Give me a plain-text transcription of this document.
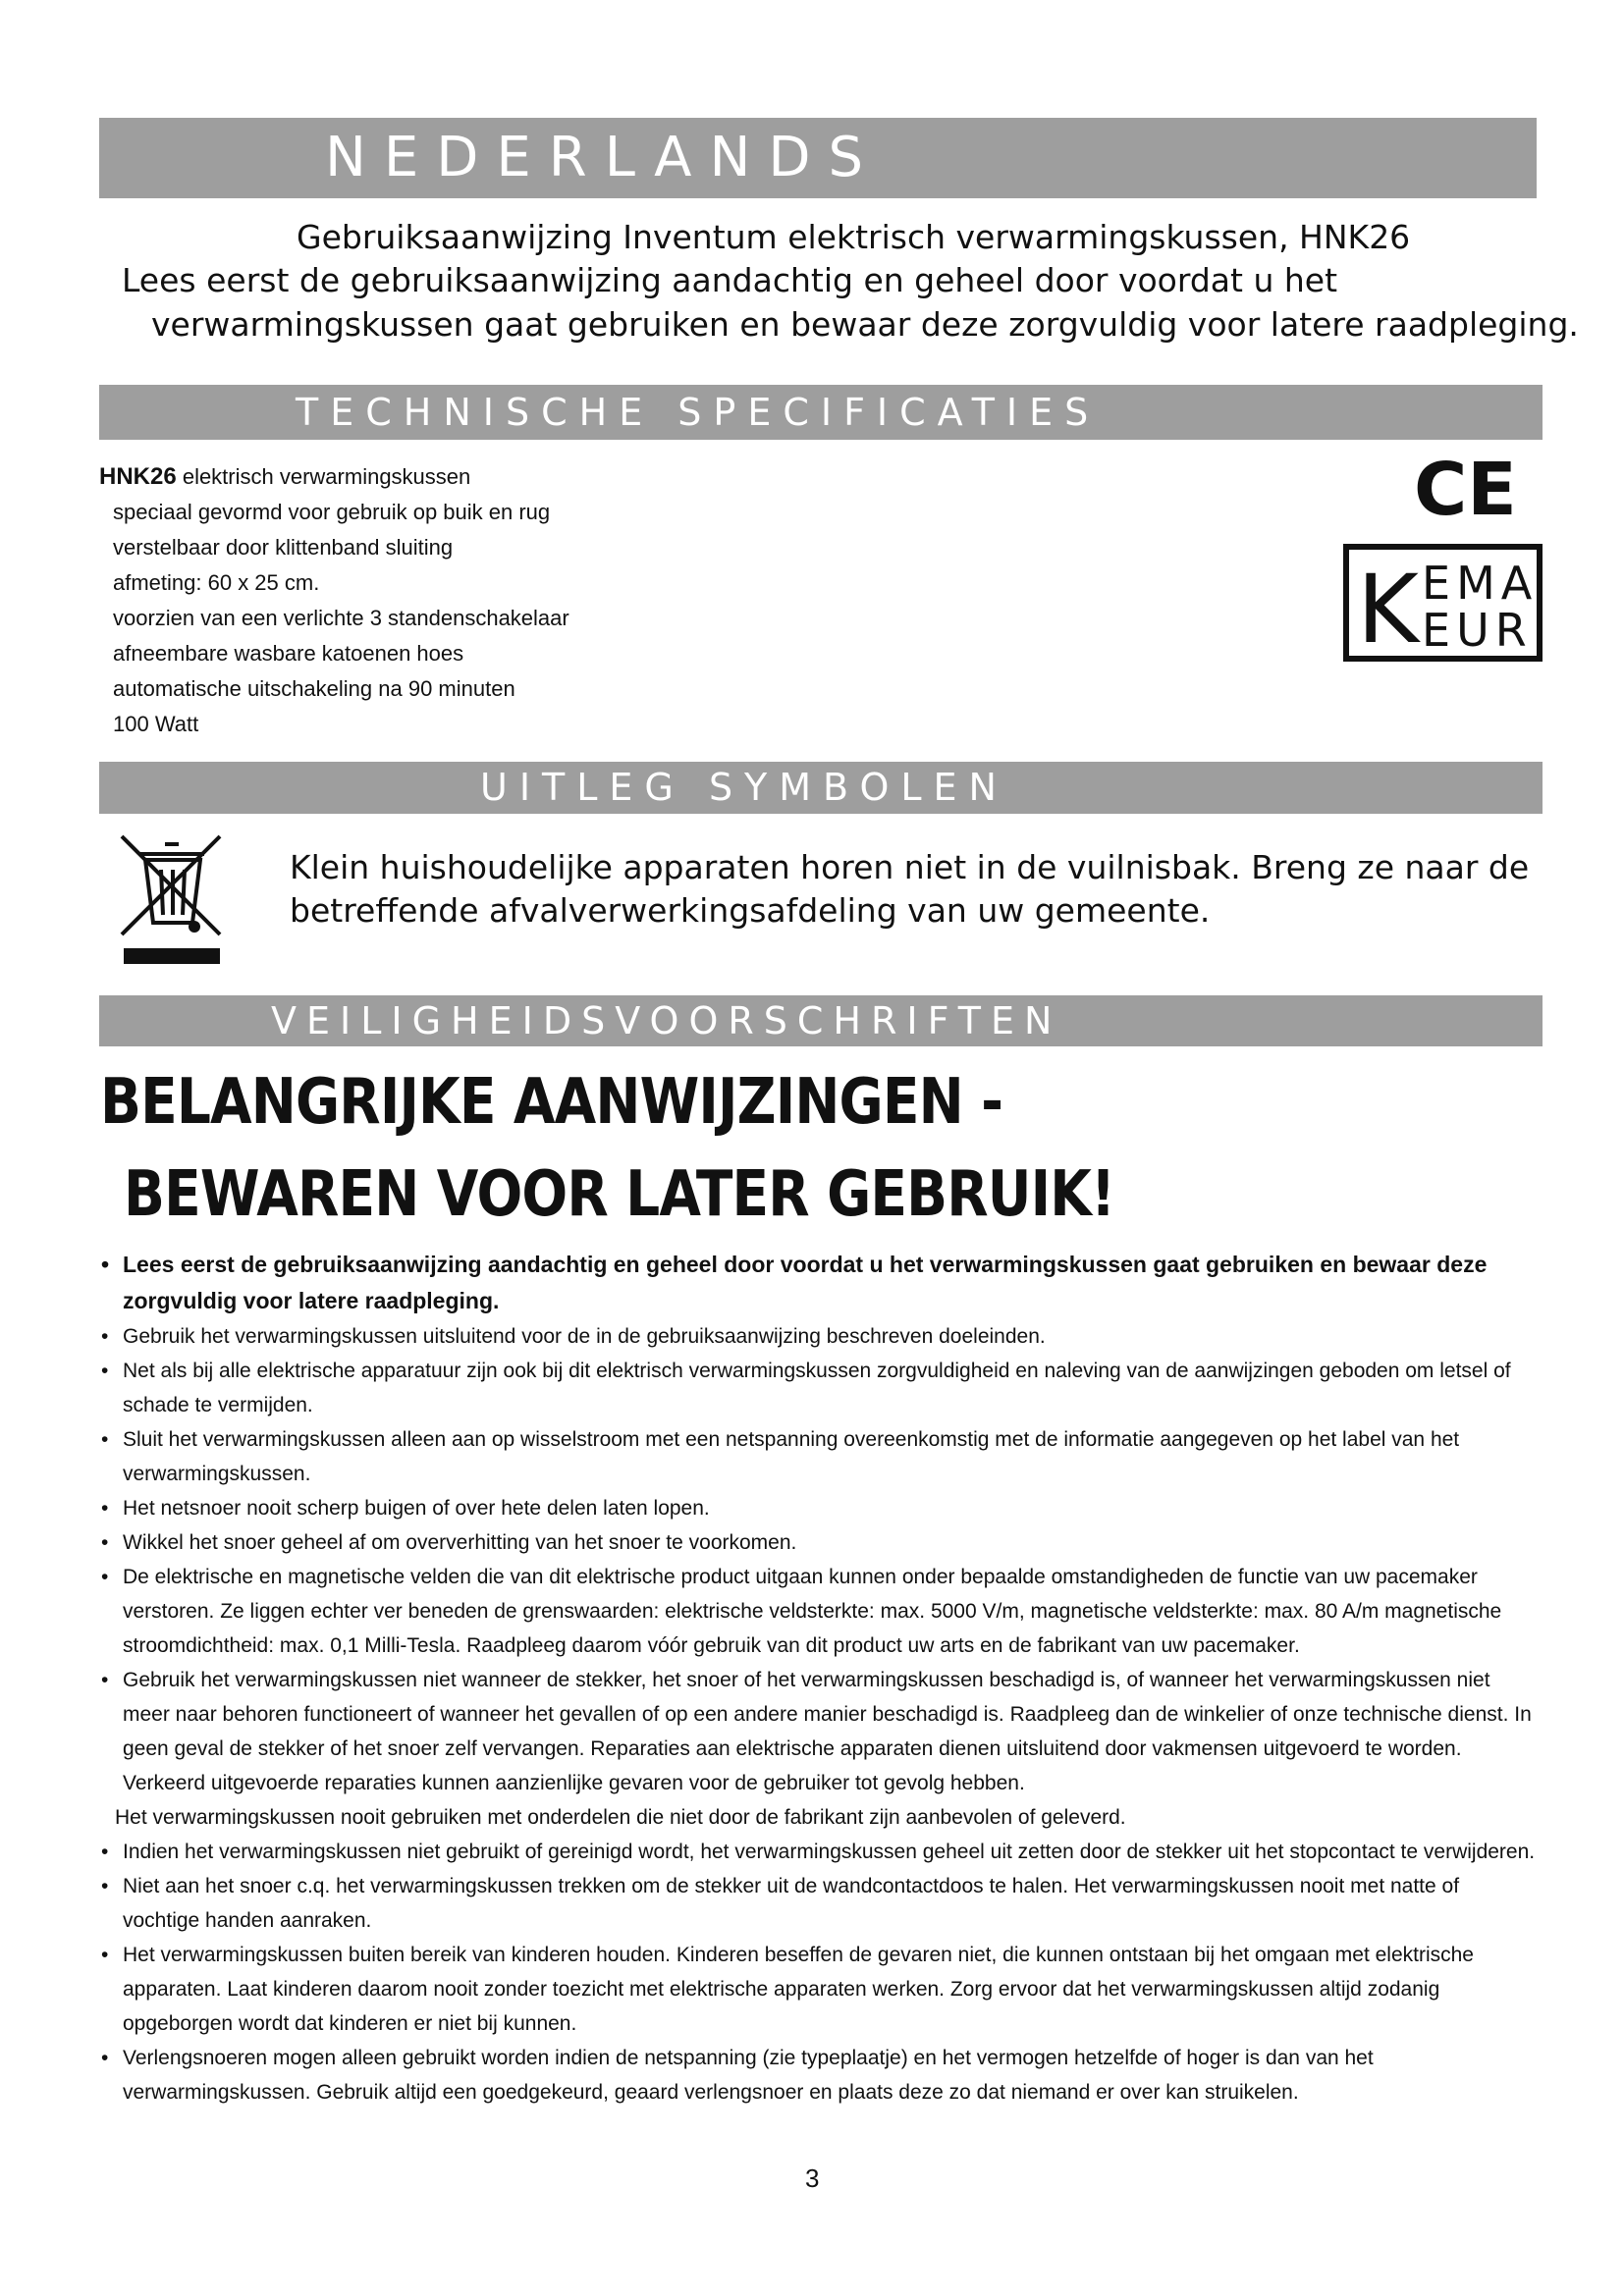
NEDERLANDS
Gebruiksaanwijzing Inventum elektrisch verwarmingskussen, HNK26
Lees eerst de gebruiksaanwijzing aandachtig en geheel door voordat u het
verwarmingskussen gaat gebruiken en bewaar deze zorgvuldig voor latere raadpleging.
TECHNISCHE SPECIFICATIES
HNK26 elektrisch verwarmingskussen
speciaal gevormd voor gebruik op buik en rug
verstelbaar door klittenband sluiting
afmeting: 60 x 25 cm.
voorzien van een verlichte 3 standenschakelaar
afneembare wasbare katoenen hoes
automatische uitschakeling na 90 minuten
100 Watt
CE
K EMA
EUR
UITLEG SYMBOLEN
Klein huishoudelijke apparaten horen niet in de vuilnisbak. Breng ze naar de
betreffende afvalverwerkingsafdeling van uw gemeente.
VEILIGHEIDSVOORSCHRIFTEN
BELANGRIJKE AANWIJZINGEN -
BEWAREN VOOR LATER GEBRUIK!
• Lees eerst de gebruiksaanwijzing aandachtig en geheel door voordat u het verwarmingskussen gaat gebruiken en bewaar deze zorgvuldig voor latere raadpleging.
• Gebruik het verwarmingskussen uitsluitend voor de in de gebruiksaanwijzing beschreven doeleinden.
• Net als bij alle elektrische apparatuur zijn ook bij dit elektrisch verwarmingskussen zorgvuldigheid en naleving van de aanwijzingen geboden om letsel of schade te vermijden.
• Sluit het verwarmingskussen alleen aan op wisselstroom met een netspanning overeenkomstig met de informatie aangegeven op het label van het verwarmingskussen.
• Het netsnoer nooit scherp buigen of over hete delen laten lopen.
• Wikkel het snoer geheel af om oververhitting van het snoer te voorkomen.
• De elektrische en magnetische velden die van dit elektrische product uitgaan kunnen onder bepaalde omstandigheden de functie van uw pacemaker verstoren. Ze liggen echter ver beneden de grenswaarden: elektrische veldsterkte: max. 5000 V/m, magnetische veldsterkte: max. 80 A/m magnetische stroomdichtheid: max. 0,1 Milli-Tesla. Raadpleeg daarom vóór gebruik van dit product uw arts en de fabrikant van uw pacemaker.
• Gebruik het verwarmingskussen niet wanneer de stekker, het snoer of het verwarmingskussen beschadigd is, of wanneer het verwarmingskussen niet meer naar behoren functioneert of wanneer het gevallen of op een andere manier beschadigd is. Raadpleeg dan de winkelier of onze technische dienst. In geen geval de stekker of het snoer zelf vervangen. Reparaties aan elektrische apparaten dienen uitsluitend door vakmensen uitgevoerd te worden. Verkeerd uitgevoerde reparaties kunnen aanzienlijke gevaren voor de gebruiker tot gevolg hebben.
Het verwarmingskussen nooit gebruiken met onderdelen die niet door de fabrikant zijn aanbevolen of geleverd.
• Indien het verwarmingskussen niet gebruikt of gereinigd wordt, het verwarmingskussen geheel uit zetten door de stekker uit het stopcontact te verwijderen.
• Niet aan het snoer c.q. het verwarmingskussen trekken om de stekker uit de wandcontactdoos te halen. Het verwarmingskussen nooit met natte of vochtige handen aanraken.
• Het verwarmingskussen buiten bereik van kinderen houden. Kinderen beseffen de gevaren niet, die kunnen ontstaan bij het omgaan met elektrische apparaten. Laat kinderen daarom nooit zonder toezicht met elektrische apparaten werken. Zorg ervoor dat het verwarmingskussen altijd zodanig opgeborgen wordt dat kinderen er niet bij kunnen.
• Verlengsnoeren mogen alleen gebruikt worden indien de netspanning (zie typeplaatje) en het vermogen hetzelfde of hoger is dan van het verwarmingskussen. Gebruik altijd een goedgekeurd, geaard verlengsnoer en plaats deze zo dat niemand er over kan struikelen.
3
